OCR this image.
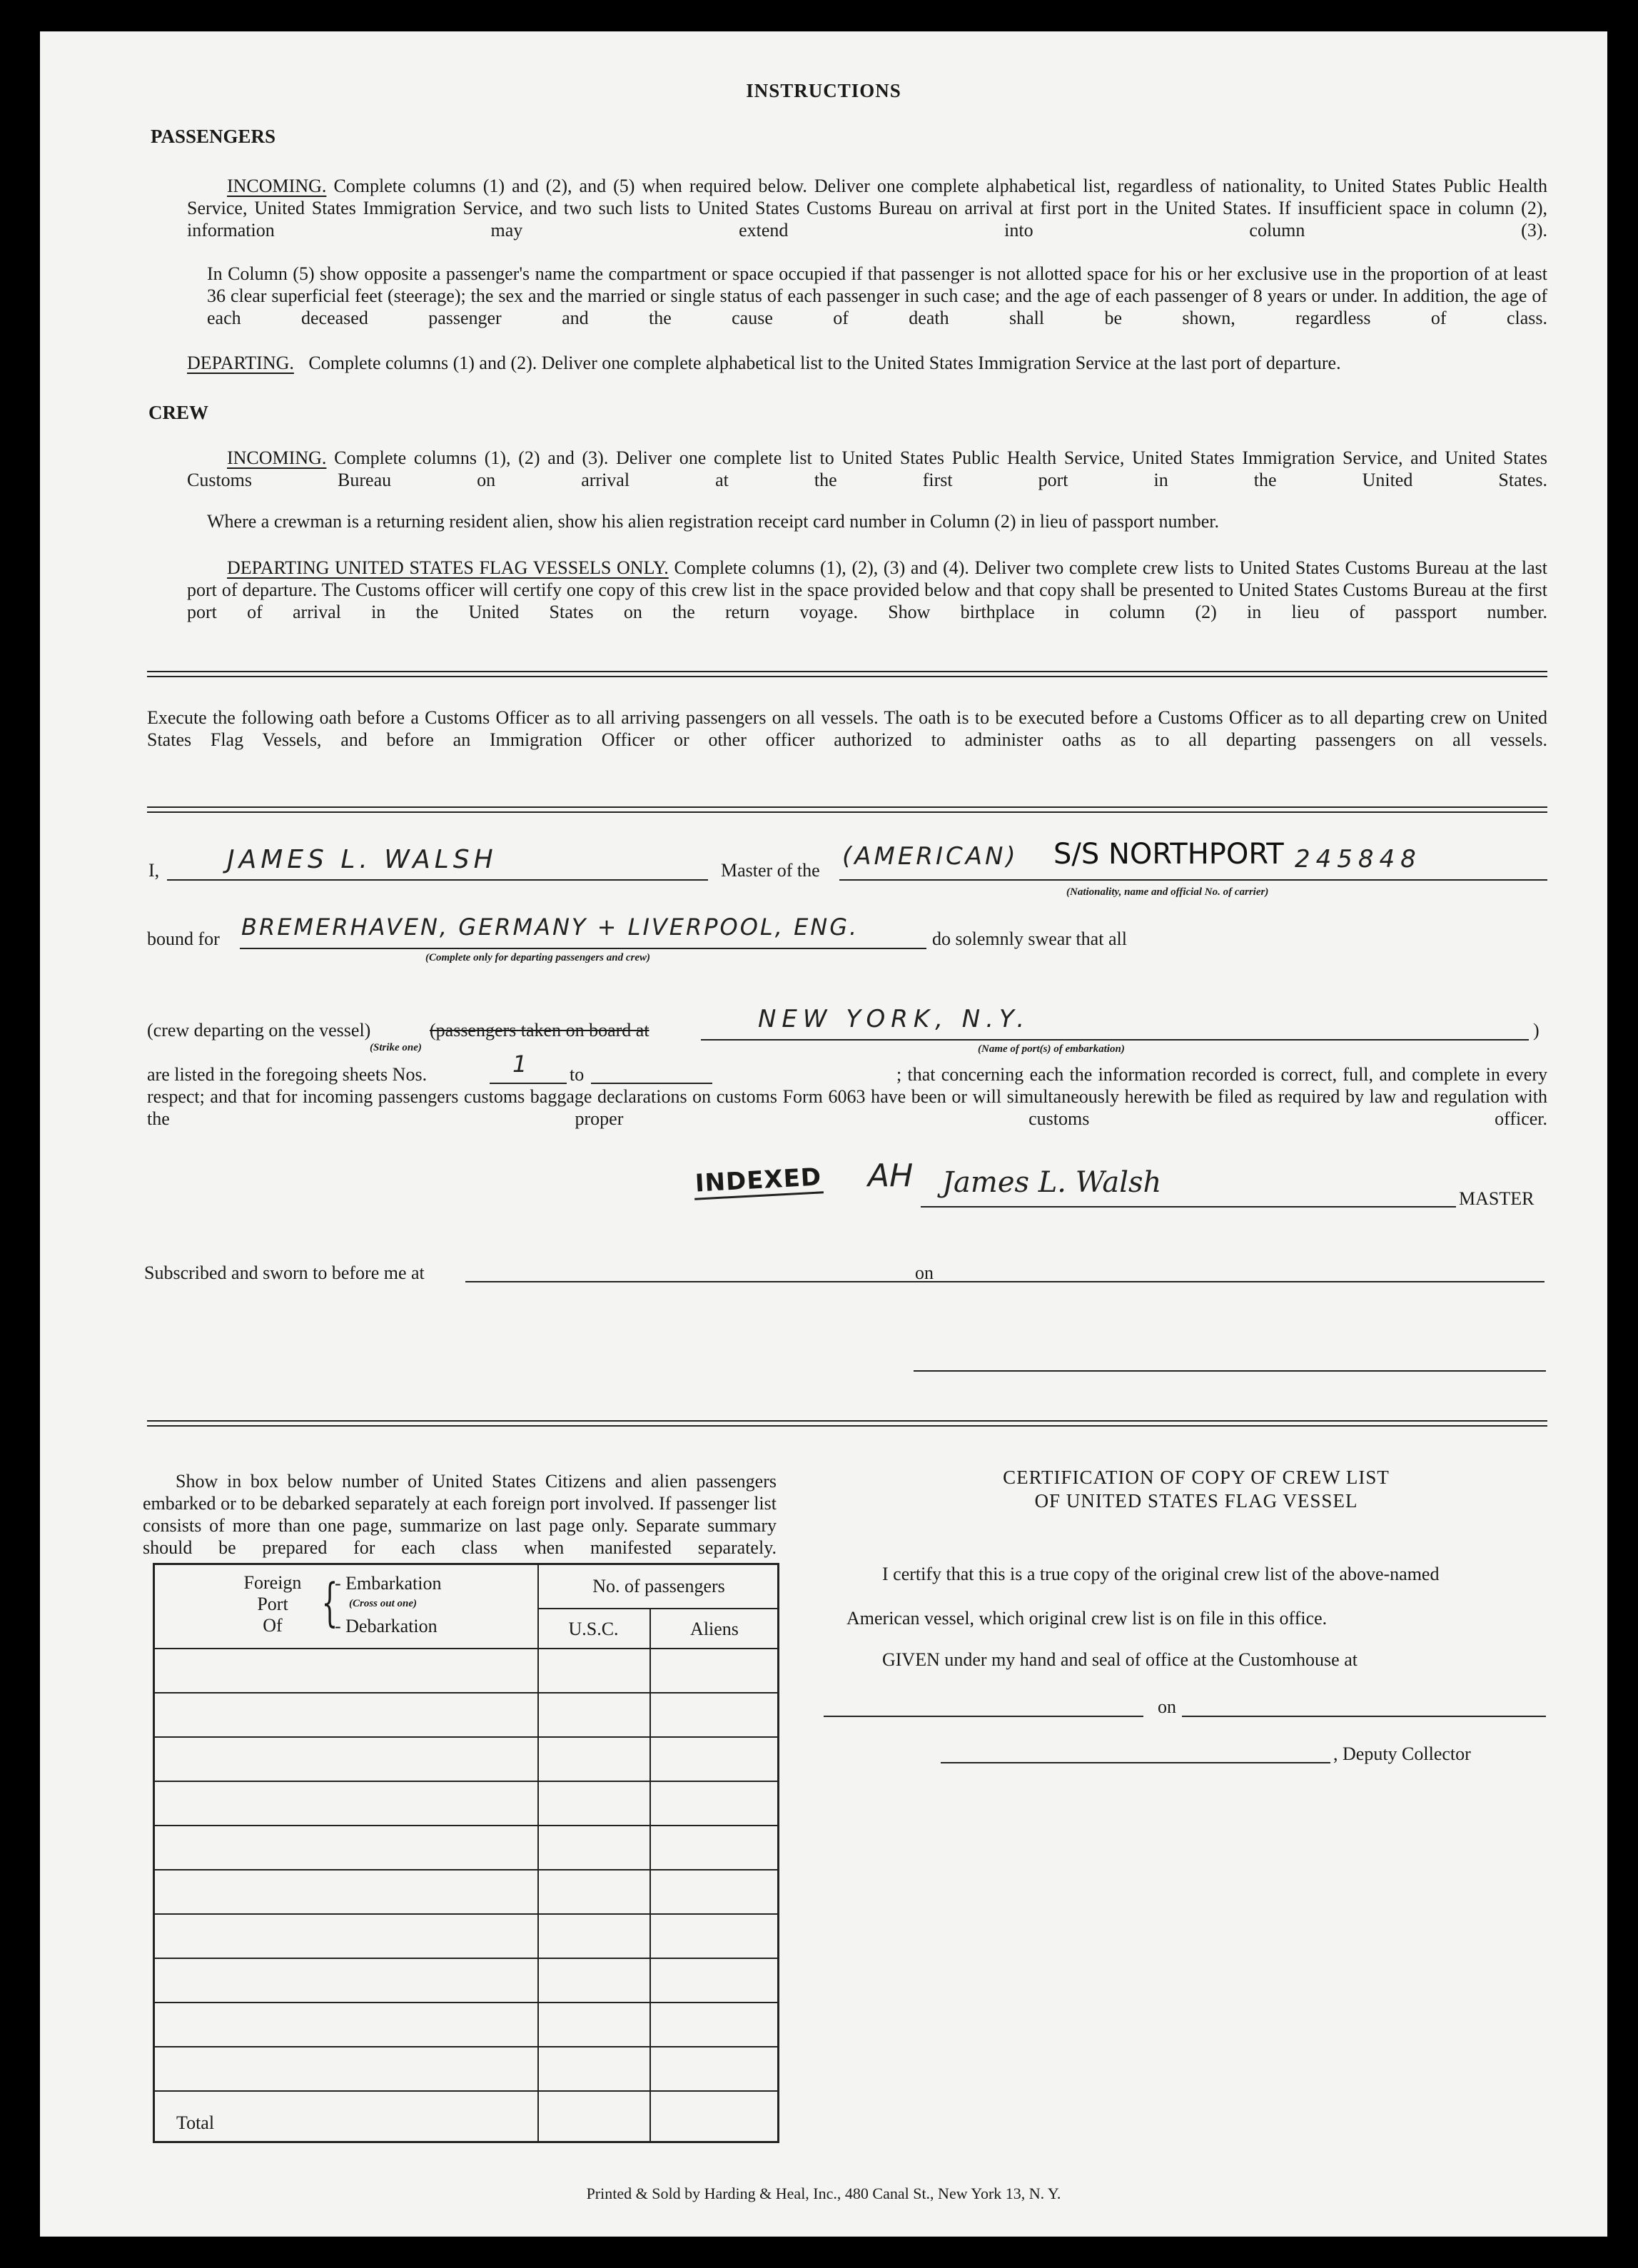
INSTRUCTIONS
PASSENGERS
INCOMING. Complete columns (1) and (2), and (5) when required below. Deliver one complete alphabetical list, regardless of nationality, to United States Public Health Service, United States Immigration Service, and two such lists to United States Customs Bureau on arrival at first port in the United States. If insufficient space in column (2), information may extend into column (3).
In Column (5) show opposite a passenger's name the compartment or space occupied if that passenger is not allotted space for his or her exclusive use in the proportion of at least 36 clear superficial feet (steerage); the sex and the married or single status of each passenger in such case; and the age of each passenger of 8 years or under. In addition, the age of each deceased passenger and the cause of death shall be shown, regardless of class.
DEPARTING. Complete columns (1) and (2). Deliver one complete alphabetical list to the United States Immigration Service at the last port of departure.
CREW
INCOMING. Complete columns (1), (2) and (3). Deliver one complete list to United States Public Health Service, United States Immigration Service, and United States Customs Bureau on arrival at the first port in the United States.
Where a crewman is a returning resident alien, show his alien registration receipt card number in Column (2) in lieu of passport number.
DEPARTING UNITED STATES FLAG VESSELS ONLY. Complete columns (1), (2), (3) and (4). Deliver two complete crew lists to United States Customs Bureau at the last port of departure. The Customs officer will certify one copy of this crew list in the space provided below and that copy shall be presented to United States Customs Bureau at the first port of arrival in the United States on the return voyage. Show birthplace in column (2) in lieu of passport number.
Execute the following oath before a Customs Officer as to all arriving passengers on all vessels. The oath is to be executed before a Customs Officer as to all departing crew on United States Flag Vessels, and before an Immigration Officer or other officer authorized to administer oaths as to all departing passengers on all vessels.
I,	JAMES L. WALSH	Master of the (AMERICAN) S/S NORTHPORT 245848
(Nationality, name and official No. of carrier)
bound for BREMERHAVEN, GERMANY + LIVERPOOL, ENG.
(Complete only for departing passengers and crew)
do solemnly swear that all
(crew departing on the vessel)	(passengers taken on board at
(Strike one)
NEW YORK, N.Y.
(Name of port(s) of embarkation)
)
; that concerning each the information recorded is correct, full, and complete in every respect; and that for incoming passengers customs baggage declarations on customs Form 6063 have been or will simultaneously herewith be filed as required by law and regulation with the proper customs officer.
are listed in the foregoing sheets Nos.	1 to
INDEXED AH James L. Walsh	MASTER
Subscribed and sworn to before me at	on
Show in box below number of United States Citizens and alien passengers embarked or to be debarked separately at each foreign port involved. If passenger list consists of more than one page, summarize on last page only. Separate summary should be prepared for each class when manifested separately.
Foreign
Port
Of {
- Embarkation
(Cross out one)
- Debarkation
No. of passengers
U.S.C.	Aliens
Total
CERTIFICATION OF COPY OF CREW LIST
OF UNITED STATES FLAG VESSEL
I certify that this is a true copy of the original crew list of the above-named
American vessel, which original crew list is on file in this office.
GIVEN under my hand and seal of office at the Customhouse at
on
, Deputy Collector
Printed & Sold by Harding & Heal, Inc., 480 Canal St., New York 13, N. Y.
